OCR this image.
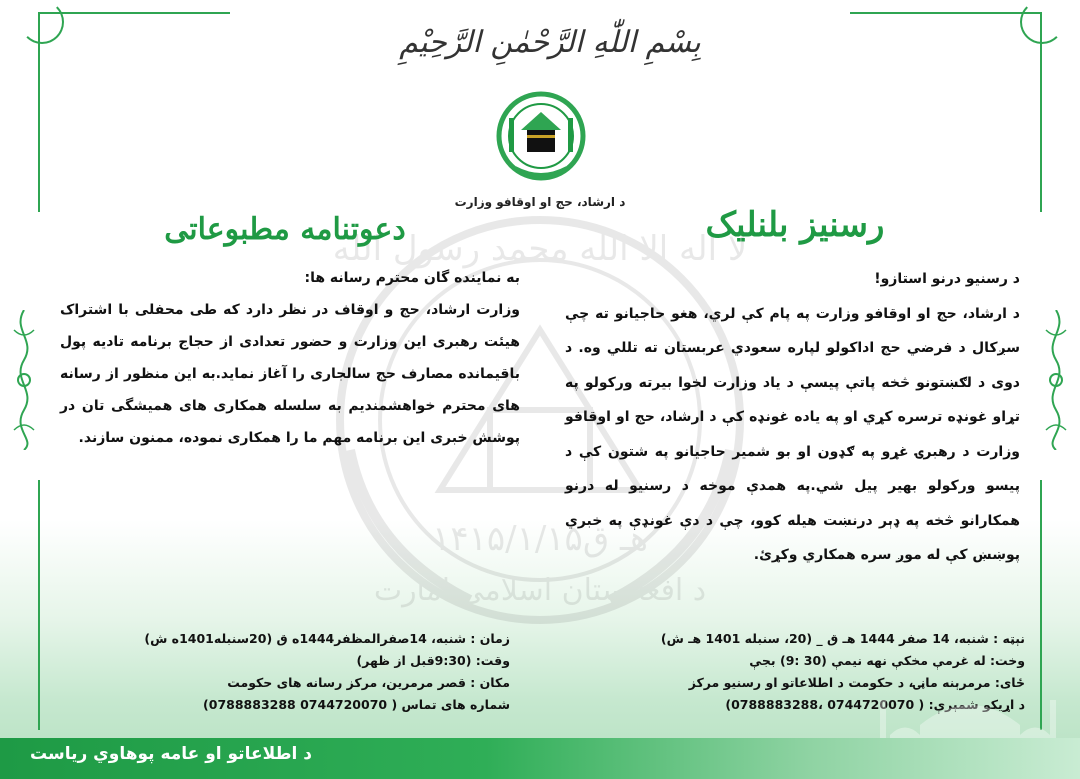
لا اله الا الله محمد رسول الله
۱۴۱۵/۱/۱۵هـ ق
د افغانستان اسلامي امارت
بِسْمِ اللّٰهِ الرَّحْمٰنِ الرَّحِيْمِ
د ارشاد، حج او اوقافو وزارت
رسنيز بلنليک
دعوتنامه مطبوعاتی

د رسنيو درنو استازو!

د ارشاد، حج او اوقافو وزارت په پام کې لري، هغو حاجيانو ته چې سږکال د فرضي حج اداکولو لپاره سعودي عربستان ته تللي وه. د دوی د لګښتونو څخه پاتې پيسې د ياد وزارت لخوا بيرته ورکولو په تړاو غونډه ترسره کړي او په ياده غونډه کې د ارشاد، حج او اوقافو وزارت د رهبرۍ غړو په ګډون او بو شمير حاجيانو په شتون کې د پيسو ورکولو بهير پيل شي.په همدې موخه د رسنيو له درنو همکارانو څخه په ډېر درنښت هيله کوو، چې د دې غونډې په خبري پوښښ کې له موږ سره همکاري وکړئ.

به نماینده گان محترم رسانه ها:

وزارت ارشاد، حج و اوقاف در نظر دارد که طی محفلی با اشتراک هیئت رهبری این وزارت و حضور تعدادی از حجاج برنامه تادیه پول باقیمانده مصارف حج سالجاری را آغاز نماید.به این منظور از رسانه های محترم خواهشمندیم به سلسله همکاری های همیشگی تان در پوشش خبری این برنامه مهم ما را همکاری نموده، ممنون سازند.

نېټه : شنبه، 14 صفر 1444 هـ ق _ (20، سنبله 1401 هـ ش)
وخت: له غرمې مخکې نهه نیمې (30 :9) بجې
ځای: مرمرېنه ماڼۍ، د حکومت د اطلاعاتو او رسنيو مرکز
د اړيکو شمېرې: ( 0744720070 ،0788883288)
زمان : شنبه، 14صفرالمظفر1444ه ق (20سنبله1401ه ش)
وقت: (9:30قبل از ظهر)
مکان : قصر مرمرین، مرکز رسانه های حکومت
شماره های تماس ( 0744720070 0788883288)
د اطلاعاتو او عامه پوهاوي رياست
